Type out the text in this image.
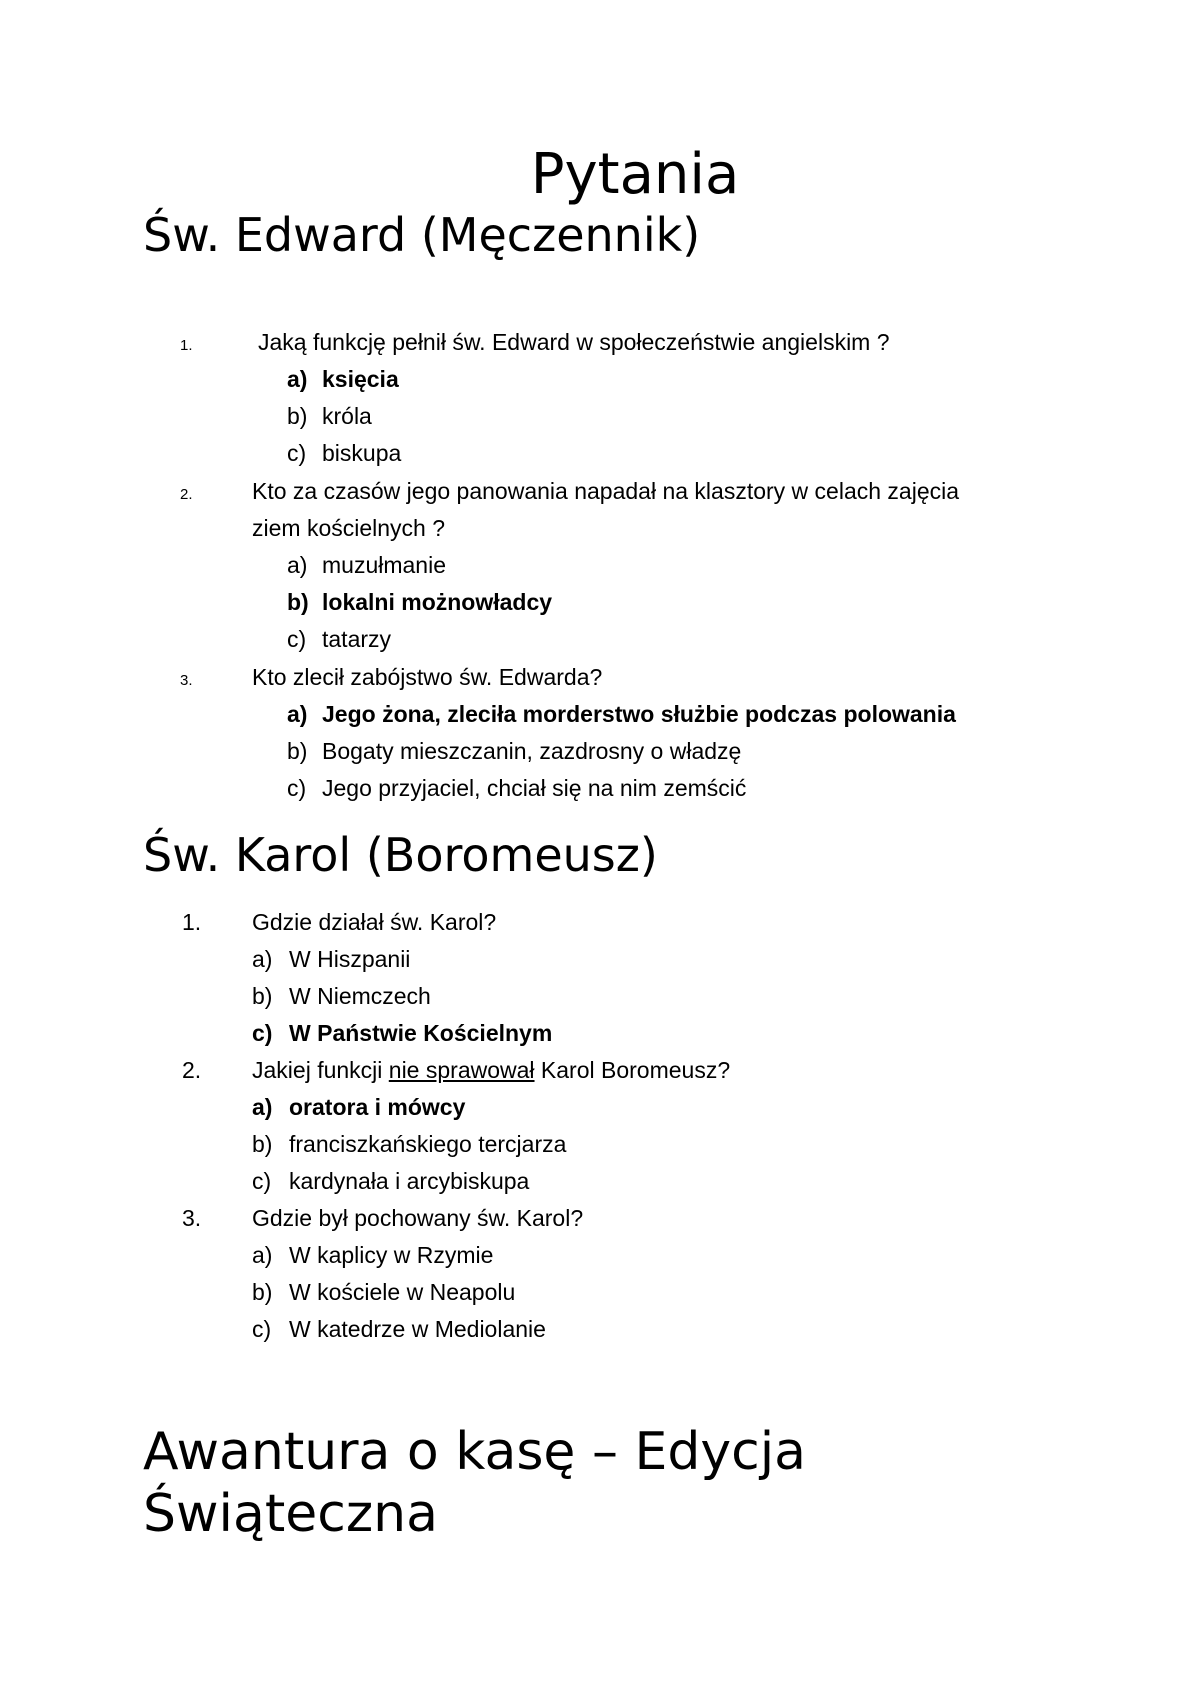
Pytania
Św. Edward (Męczennik)
1.	Jaką funkcję pełnił św. Edward w społeczeństwie angielskim ?
a) księcia
b) króla
c) biskupa
2.	Kto za czasów jego panowania napadał na klasztory w celach zajęcia
ziem kościelnych ?
a) muzułmanie
b) lokalni możnowładcy
c) tatarzy
3.	Kto zlecił zabójstwo św. Edwarda?
a) Jego żona, zleciła morderstwo służbie podczas polowania
b) Bogaty mieszczanin, zazdrosny o władzę
c) Jego przyjaciel, chciał się na nim zemścić
Św. Karol (Boromeusz)
1. Gdzie działał św. Karol?
a) W Hiszpanii
b) W Niemczech
c) W Państwie Kościelnym
2. Jakiej funkcji nie sprawował Karol Boromeusz?
a) oratora i mówcy
b) franciszkańskiego tercjarza
c) kardynała i arcybiskupa
3. Gdzie był pochowany św. Karol?
a) W kaplicy w Rzymie
b) W kościele w Neapolu
c) W katedrze w Mediolanie
Awantura o kasę – Edycja
Świąteczna
